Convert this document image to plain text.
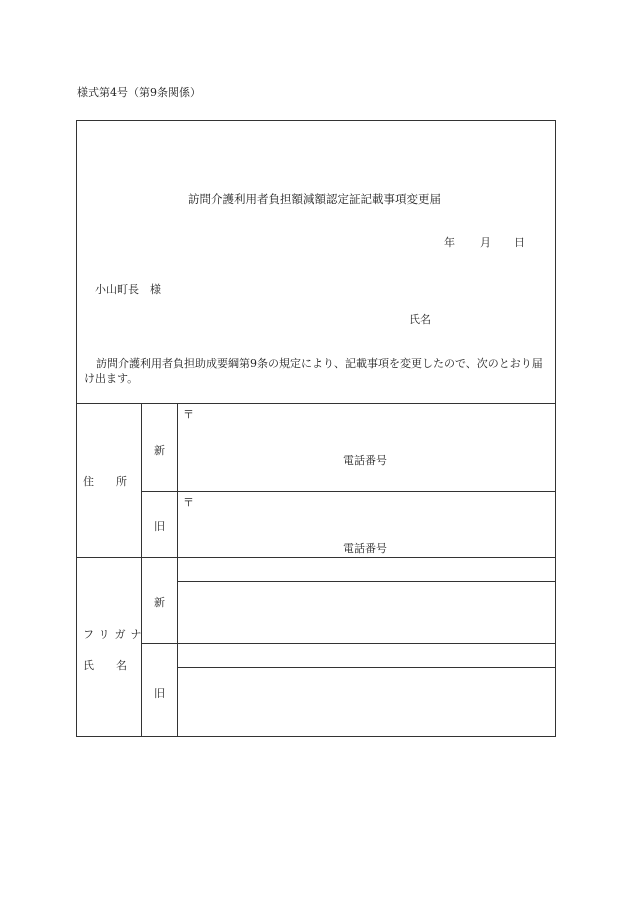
様式第4号（第9条関係）
訪問介護利用者負担額減額認定証記載事項変更届
年 月 日
小山町長　様
氏名
訪問介護利用者負担助成要綱第9条の規定により、記載事項を変更したので、次のとおり届け出ます。
住　　所
新
旧
〒
〒
電話番号
電話番号
フリガナ
氏　　名
新
旧
